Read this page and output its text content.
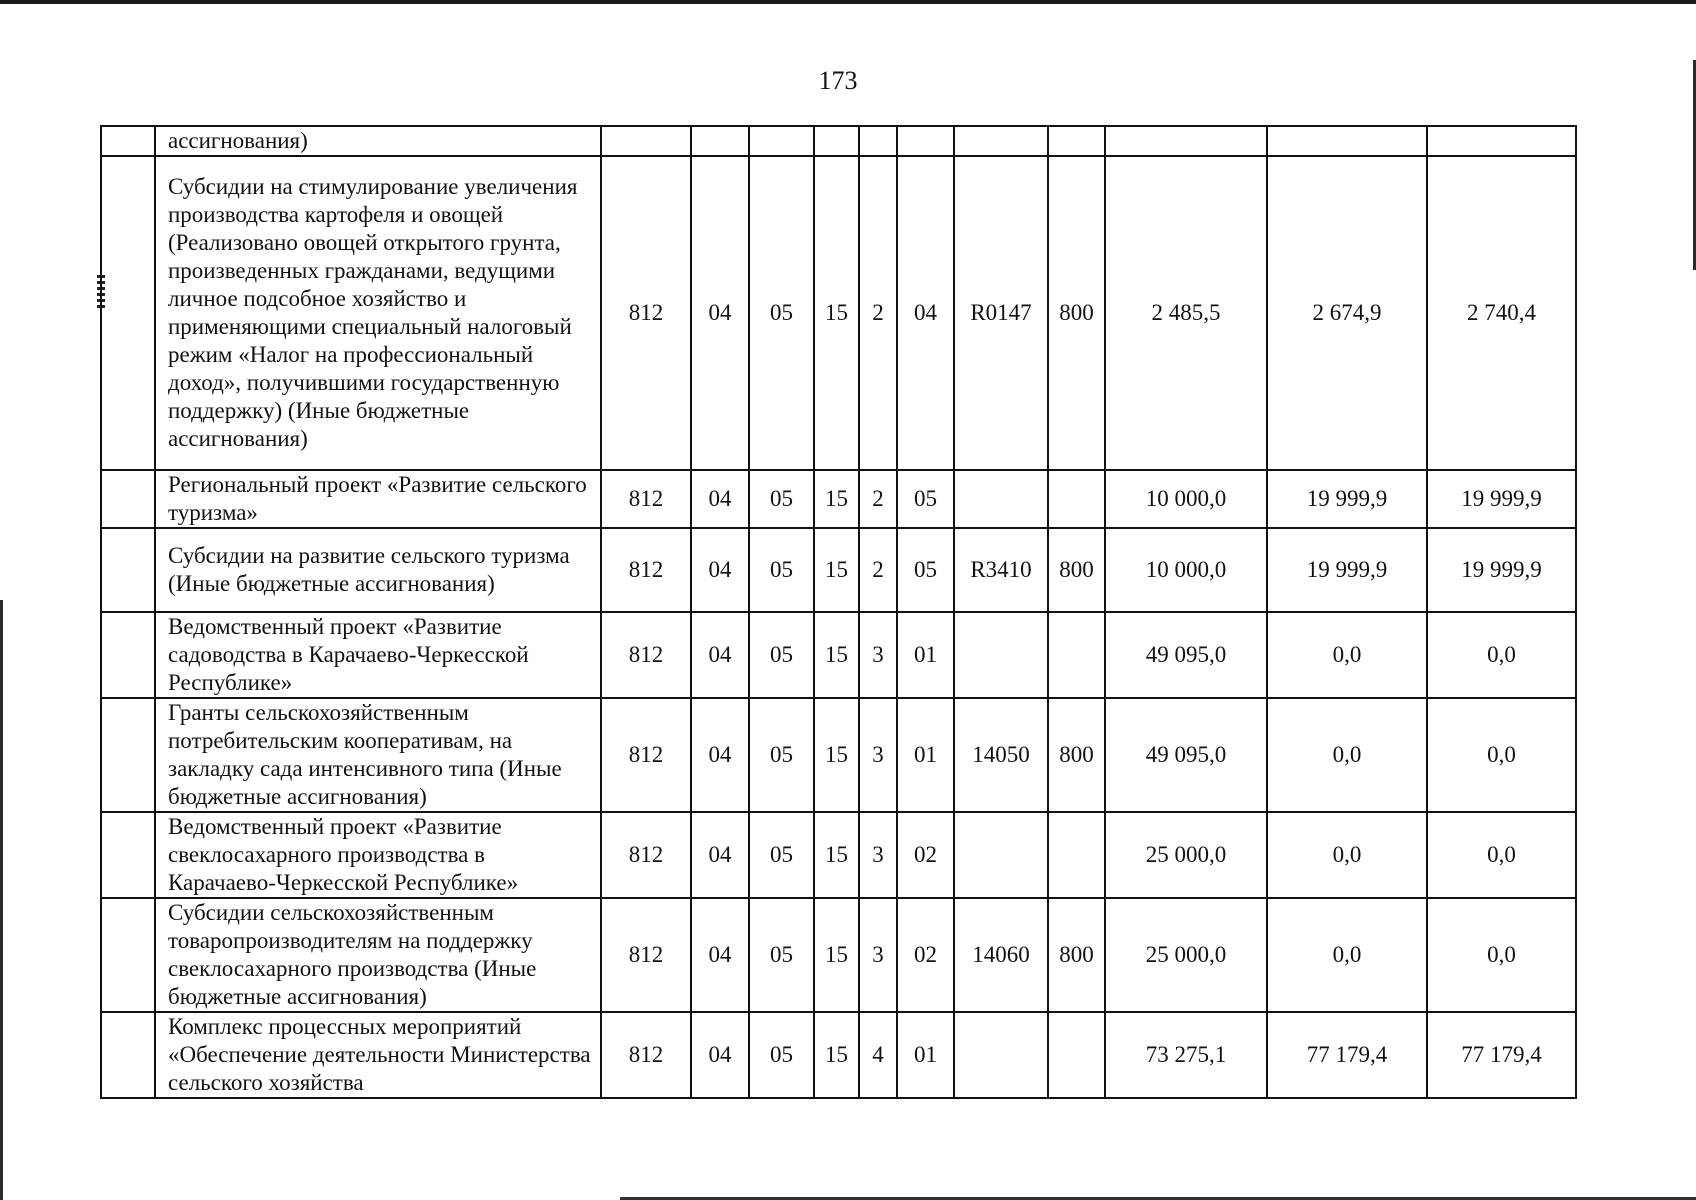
173
	ассигнования)											
	Субсидии на стимулирование увеличения производства картофеля и овощей (Реализовано овощей открытого грунта, произведенных гражданами, ведущими личное подсобное хозяйство и применяющими специальный налоговый режим «Налог на профессиональный доход», получившими государственную поддержку) (Иные бюджетные ассигнования)	812	04	05	15	2	04	R0147	800	2 485,5	2 674,9	2 740,4
	Региональный проект «Развитие сельского туризма»	812	04	05	15	2	05			10 000,0	19 999,9	19 999,9
	Субсидии на развитие сельского туризма (Иные бюджетные ассигнования)	812	04	05	15	2	05	R3410	800	10 000,0	19 999,9	19 999,9
	Ведомственный проект «Развитие садоводства в Карачаево-Черкесской Республике»	812	04	05	15	3	01			49 095,0	0,0	0,0
	Гранты сельскохозяйственным потребительским кооперативам, на закладку сада интенсивного типа (Иные бюджетные ассигнования)	812	04	05	15	3	01	14050	800	49 095,0	0,0	0,0
	Ведомственный проект «Развитие свеклосахарного производства в Карачаево-Черкесской Республике»	812	04	05	15	3	02			25 000,0	0,0	0,0
	Субсидии сельскохозяйственным товаропроизводителям на поддержку свеклосахарного производства (Иные бюджетные ассигнования)	812	04	05	15	3	02	14060	800	25 000,0	0,0	0,0
	Комплекс процессных мероприятий «Обеспечение деятельности Министерства сельского хозяйства	812	04	05	15	4	01			73 275,1	77 179,4	77 179,4
